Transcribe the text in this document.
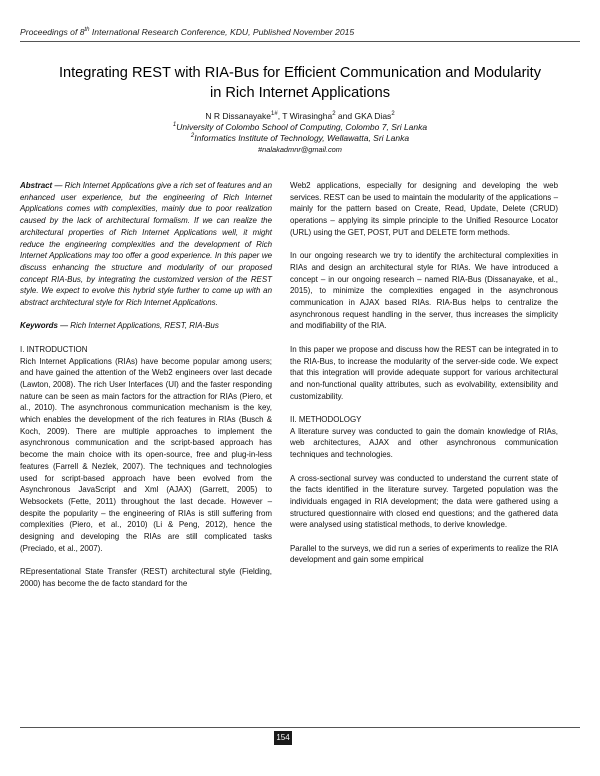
Proceedings of 8th International Research Conference, KDU, Published November 2015
Integrating REST with RIA-Bus for Efficient Communication and Modularity
in Rich Internet Applications
N R Dissanayake$^{1\#}$, T Wirasingha$^2$ and GKA Dias$^2$
$^1$University of Colombo School of Computing, Colombo 7, Sri Lanka
$^2$Informatics Institute of Technology, Wellawatta, Sri Lanka
#nalakadmnr@gmail.com

Abstract — Rich Internet Applications give a rich set of features and an enhanced user experience, but the engineering of Rich Internet Applications comes with complexities, mainly due to poor realization caused by the lack of architectural formalism. If we can realize the architectural properties of Rich Internet Applications well, it might reduce the engineering complexities and the development of Rich Internet Applications may too offer a good experience. In this paper we discuss enhancing the structure and modularity of our proposed concept RIA-Bus, by integrating the customized version of the REST style. We expect to evolve this hybrid style further to come up with an abstract architectural style for Rich Internet Applications.

Keywords — Rich Internet Applications, REST, RIA-Bus

I. INTRODUCTION

Rich Internet Applications (RIAs) have become popular among users; and have gained the attention of the Web2 engineers over last decade (Lawton, 2008). The rich User Interfaces (UI) and the faster responding nature can be seen as main factors for the attraction for RIAs (Piero, et al., 2010). The asynchronous communication mechanism is the key, which enables the development of the rich features in RIAs (Busch & Koch, 2009). There are multiple approaches to implement the asynchronous communication and the script-based approach has become the main choice with its open-source, free and plug-in-less features (Farrell & Nezlek, 2007). The techniques and technologies used for script-based approach have been evolved from the Asynchronous JavaScript and Xml (AJAX) (Garrett, 2005) to Websockets (Fette, 2011) throughout the last decade. However – despite the popularity – the engineering of RIAs is still suffering from complexities (Piero, et al., 2010) (Li & Peng, 2012), hence the designing and developing the RIAs are still complicated tasks (Preciado, et al., 2007).

REpresentational State Transfer (REST) architectural style (Fielding, 2000) has become the de facto standard for the

Web2 applications, especially for designing and developing the web services. REST can be used to maintain the modularity of the applications – mainly for the pattern based on Create, Read, Update, Delete (CRUD) operations – applying its simple principle to the Unified Resource Locator (URL) using the GET, POST, PUT and DELETE form methods.

In our ongoing research we try to identify the architectural complexities in RIAs and design an architectural style for RIAs. We have introduced a concept – in our ongoing research – named RIA-Bus (Dissanayake, et al., 2015), to minimize the complexities engaged in the asynchronous communication in AJAX based RIAs. RIA-Bus helps to centralize the asynchronous request handling in the server, thus increases the simplicity and modifiability of the RIA.

In this paper we propose and discuss how the REST can be integrated in to the RIA-Bus, to increase the modularity of the server-side code. We expect that this integration will provide adequate support for various architectural and non-functional quality attributes, such as evolvability, extensibility and customizability.

II. METHODOLOGY

A literature survey was conducted to gain the domain knowledge of RIAs, web architectures, AJAX and other asynchronous communication techniques and technologies.

A cross-sectional survey was conducted to understand the current state of the facts identified in the literature survey. Targeted population was the individuals engaged in RIA development; the data were gathered using a structured questionnaire with closed end questions; and the gathered data were analysed using statistical methods, to derive knowledge.

Parallel to the surveys, we did run a series of experiments to realize the RIA development and gain some empirical

154
